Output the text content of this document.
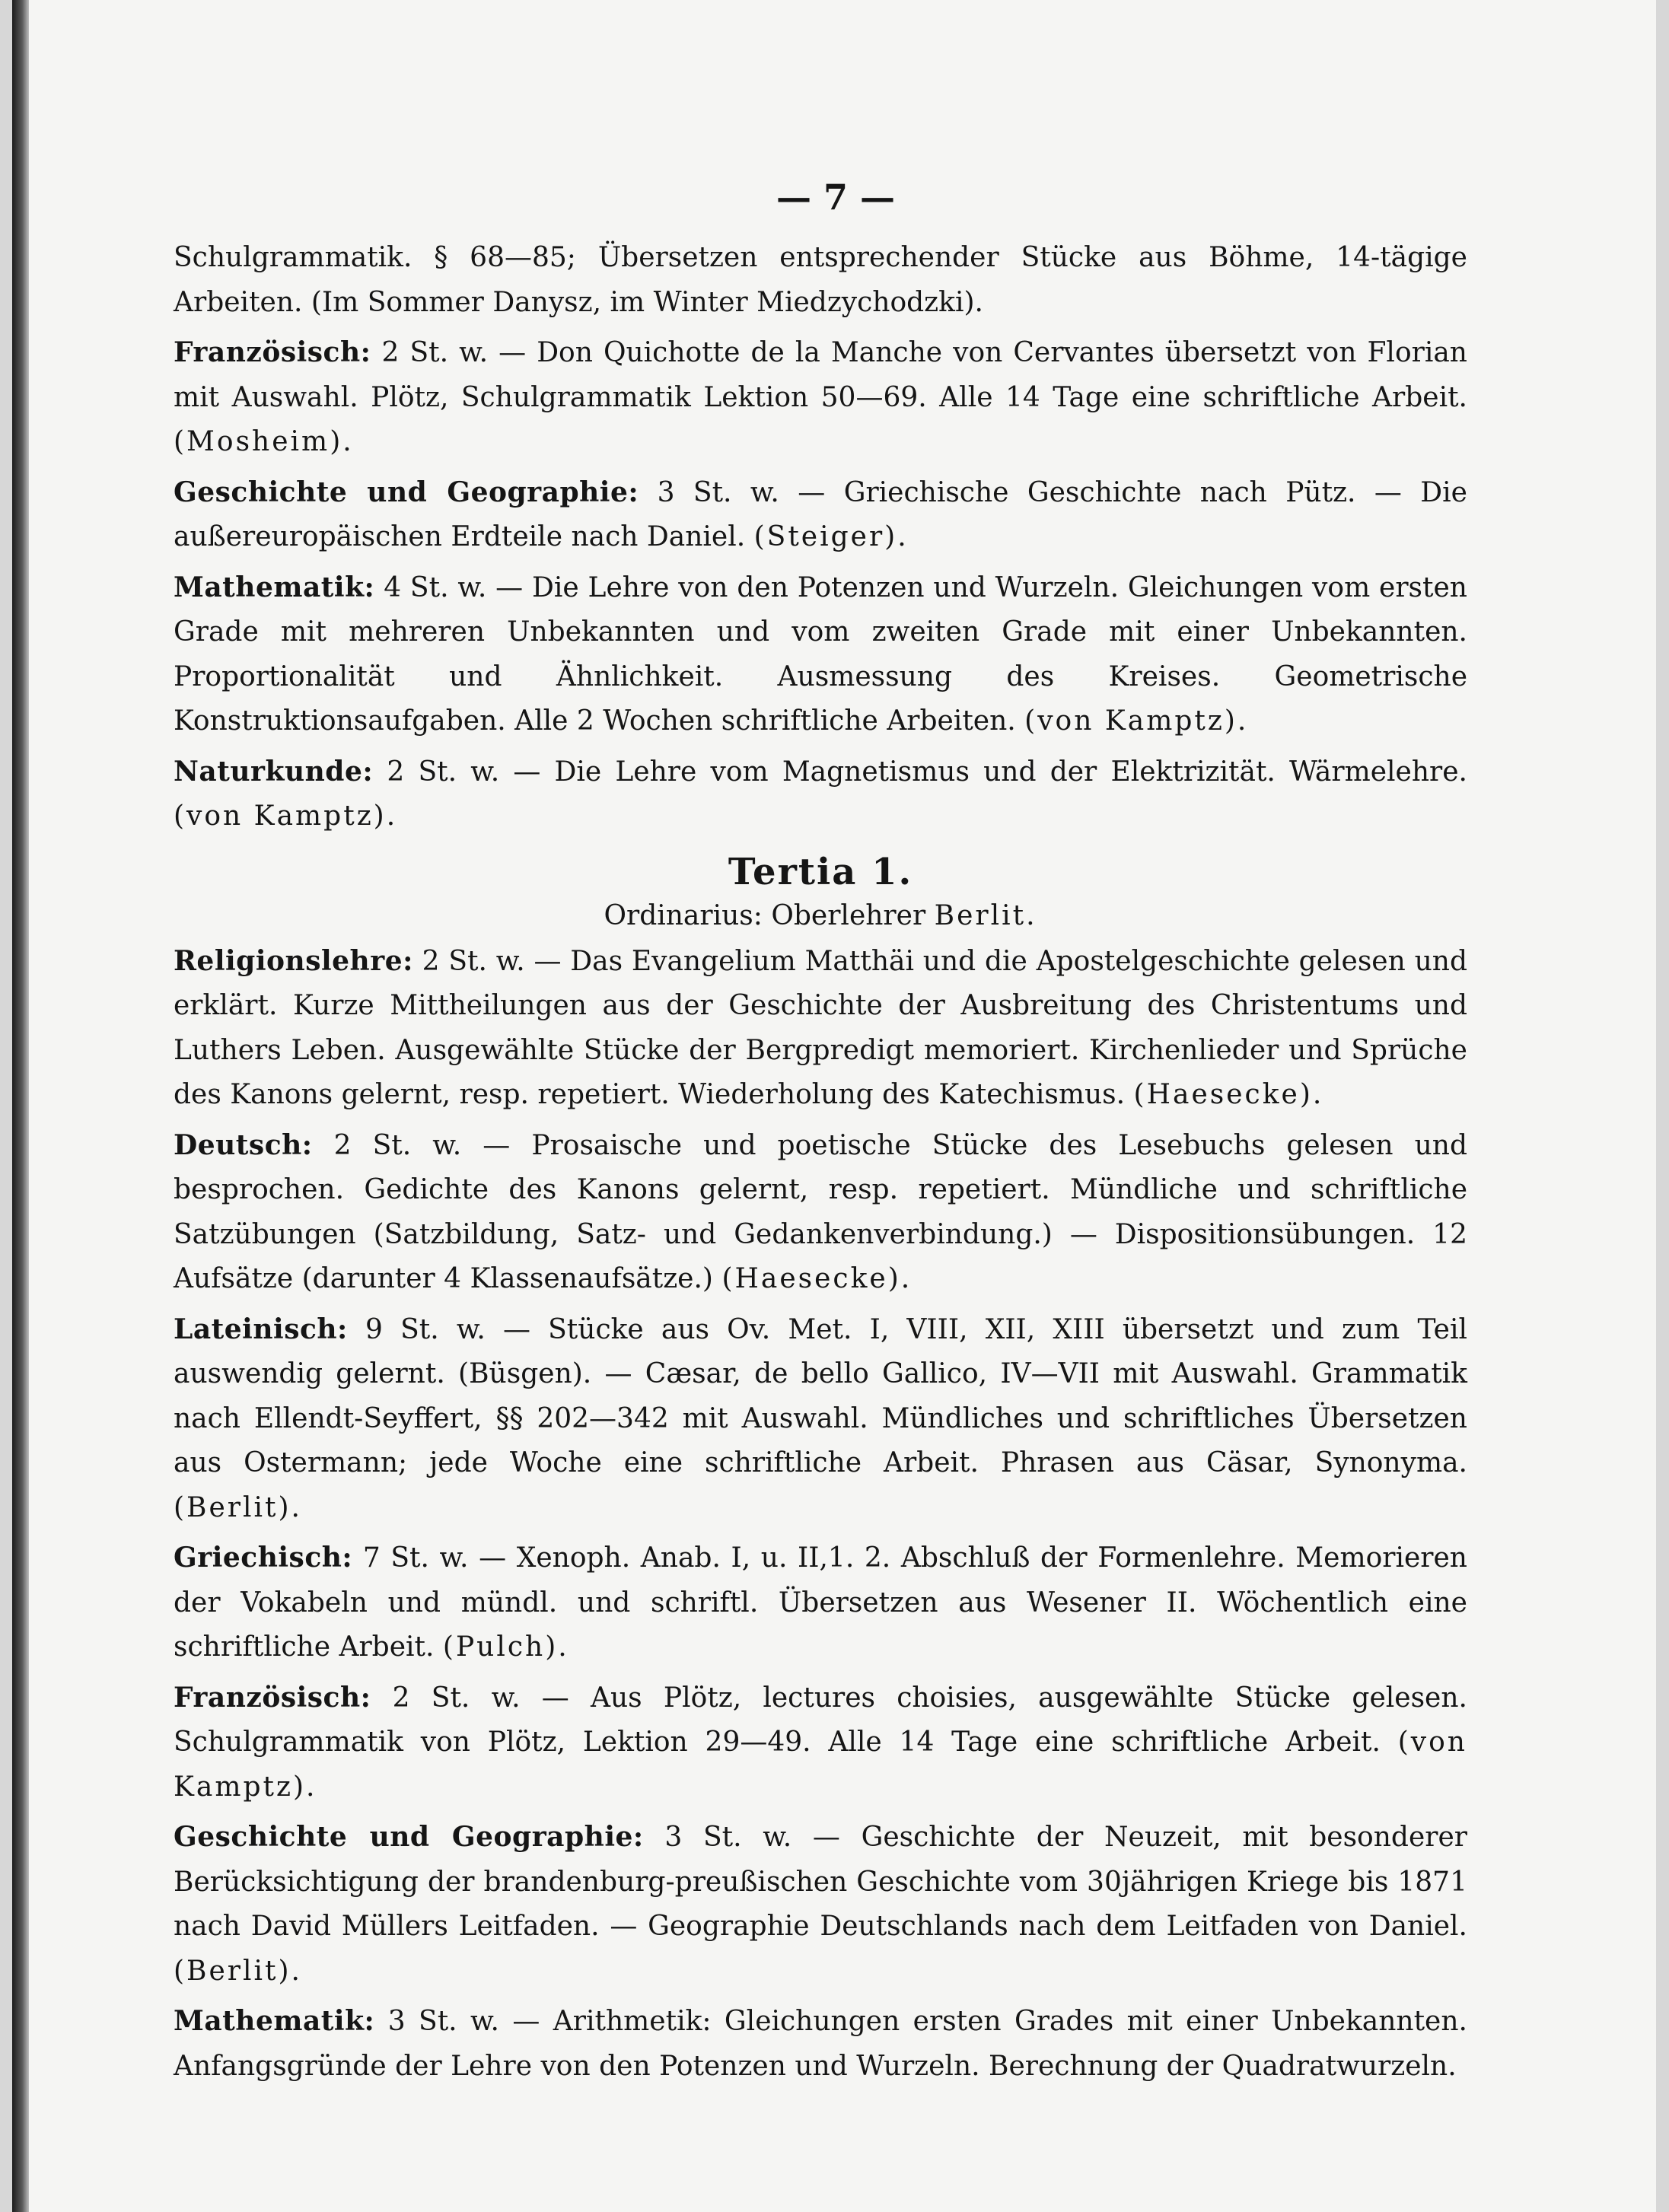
— 7 —

Schulgrammatik. § 68—85; Übersetzen entsprechender Stücke aus Böhme, 14-tägige Arbeiten. (Im Sommer Danysz, im Winter Miedzychodzki).

Französisch: 2 St. w. — Don Quichotte de la Manche von Cervantes übersetzt von Florian mit Auswahl. Plötz, Schulgrammatik Lektion 50—69. Alle 14 Tage eine schriftliche Arbeit. (Mosheim).

Geschichte und Geographie: 3 St. w. — Griechische Geschichte nach Pütz. — Die außereuropäischen Erdteile nach Daniel. (Steiger).

Mathematik: 4 St. w. — Die Lehre von den Potenzen und Wurzeln. Gleichungen vom ersten Grade mit mehreren Unbekannten und vom zweiten Grade mit einer Unbekannten. Proportionalität und Ähnlichkeit. Ausmessung des Kreises. Geometrische Konstruktionsaufgaben. Alle 2 Wochen schriftliche Arbeiten. (von Kamptz).

Naturkunde: 2 St. w. — Die Lehre vom Magnetismus und der Elektrizität. Wärmelehre. (von Kamptz).

Tertia 1.

Ordinarius: Oberlehrer Berlit.

Religionslehre: 2 St. w. — Das Evangelium Matthäi und die Apostelgeschichte gelesen und erklärt. Kurze Mittheilungen aus der Geschichte der Ausbreitung des Christentums und Luthers Leben. Ausgewählte Stücke der Bergpredigt memoriert. Kirchenlieder und Sprüche des Kanons gelernt, resp. repetiert. Wiederholung des Katechismus. (Haesecke).

Deutsch: 2 St. w. — Prosaische und poetische Stücke des Lesebuchs gelesen und besprochen. Gedichte des Kanons gelernt, resp. repetiert. Mündliche und schriftliche Satzübungen (Satzbildung, Satz- und Gedankenverbindung.) — Dispositionsübungen. 12 Aufsätze (darunter 4 Klassenaufsätze.) (Haesecke).

Lateinisch: 9 St. w. — Stücke aus Ov. Met. I, VIII, XII, XIII übersetzt und zum Teil auswendig gelernt. (Büsgen). — Cæsar, de bello Gallico, IV—VII mit Auswahl. Grammatik nach Ellendt-Seyffert, §§ 202—342 mit Auswahl. Mündliches und schriftliches Übersetzen aus Ostermann; jede Woche eine schriftliche Arbeit. Phrasen aus Cäsar, Synonyma. (Berlit).

Griechisch: 7 St. w. — Xenoph. Anab. I, u. II,1. 2. Abschluß der Formenlehre. Memorieren der Vokabeln und mündl. und schriftl. Übersetzen aus Wesener II. Wöchentlich eine schriftliche Arbeit. (Pulch).

Französisch: 2 St. w. — Aus Plötz, lectures choisies, ausgewählte Stücke gelesen. Schulgrammatik von Plötz, Lektion 29—49. Alle 14 Tage eine schriftliche Arbeit. (von Kamptz).

Geschichte und Geographie: 3 St. w. — Geschichte der Neuzeit, mit besonderer Berücksichtigung der brandenburg-preußischen Geschichte vom 30jährigen Kriege bis 1871 nach David Müllers Leitfaden. — Geographie Deutschlands nach dem Leitfaden von Daniel. (Berlit).

Mathematik: 3 St. w. — Arithmetik: Gleichungen ersten Grades mit einer Unbekannten. Anfangsgründe der Lehre von den Potenzen und Wurzeln. Berechnung der Quadratwurzeln.
